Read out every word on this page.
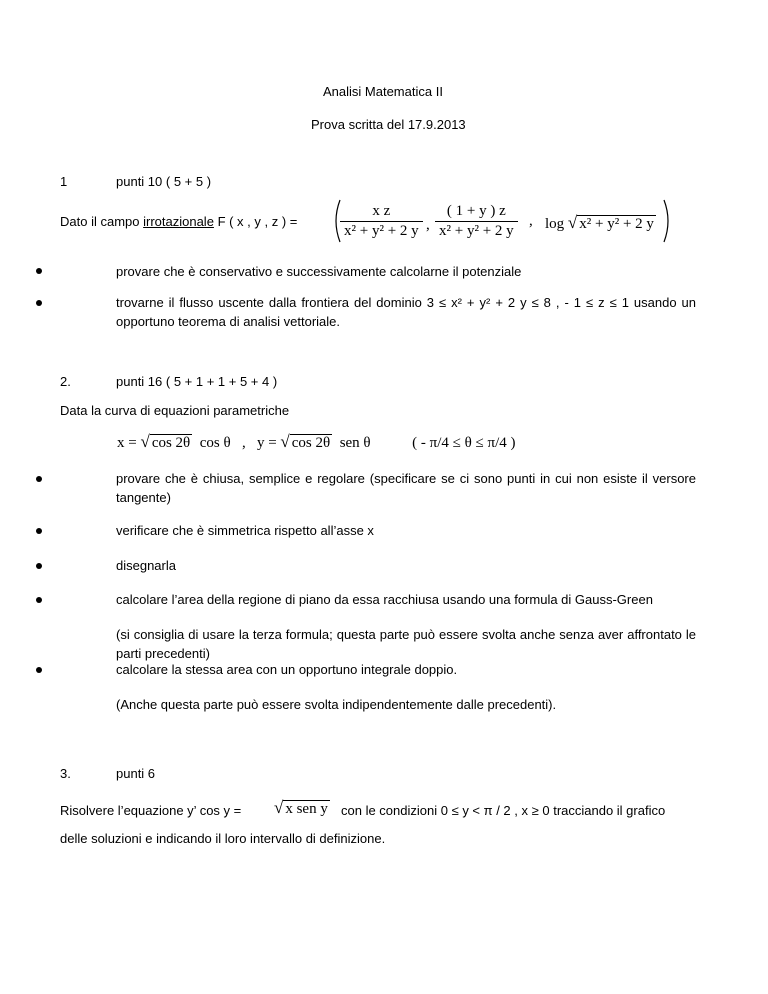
Analisi Matematica II
Prova scritta del 17.9.2013
1	punti 10 ( 5 + 5 )
Dato il campo irrotazionale F ( x , y , z ) =	$\frac{\text{x z}}{\text{x² + y² + 2 y}}$ , $\frac{( 1 + y ) z}{\text{x² + y² + 2 y}}$ , log √ x² + y² + 2 y
provare che è conservativo e successivamente calcolarne il potenziale
trovarne il flusso uscente dalla frontiera del dominio 3 ≤ x² + y² + 2 y ≤ 8 , - 1 ≤ z ≤ 1 usando un opportuno teorema di analisi vettoriale.
2.	punti 16 ( 5 + 1 + 1 + 5 + 4 )
Data la curva di equazioni parametriche
x = √ cos 2θ cos θ , y = √ cos 2θ sen θ	( - π/4 ≤ θ ≤ π/4 )
provare che è chiusa, semplice e regolare (specificare se ci sono punti in cui non esiste il versore tangente)
verificare che è simmetrica rispetto all’asse x
disegnarla
calcolare l’area della regione di piano da essa racchiusa usando una formula di Gauss-Green
(si consiglia di usare la terza formula; questa parte può essere svolta anche senza aver affrontato le parti precedenti)
calcolare la stessa area con un opportuno integrale doppio.
(Anche questa parte può essere svolta indipendentemente dalle precedenti).
3.	punti 6
Risolvere l’equazione y’ cos y = √ x sen y con le condizioni 0 ≤ y < π / 2 , x ≥ 0 tracciando il grafico
delle soluzioni e indicando il loro intervallo di definizione.
